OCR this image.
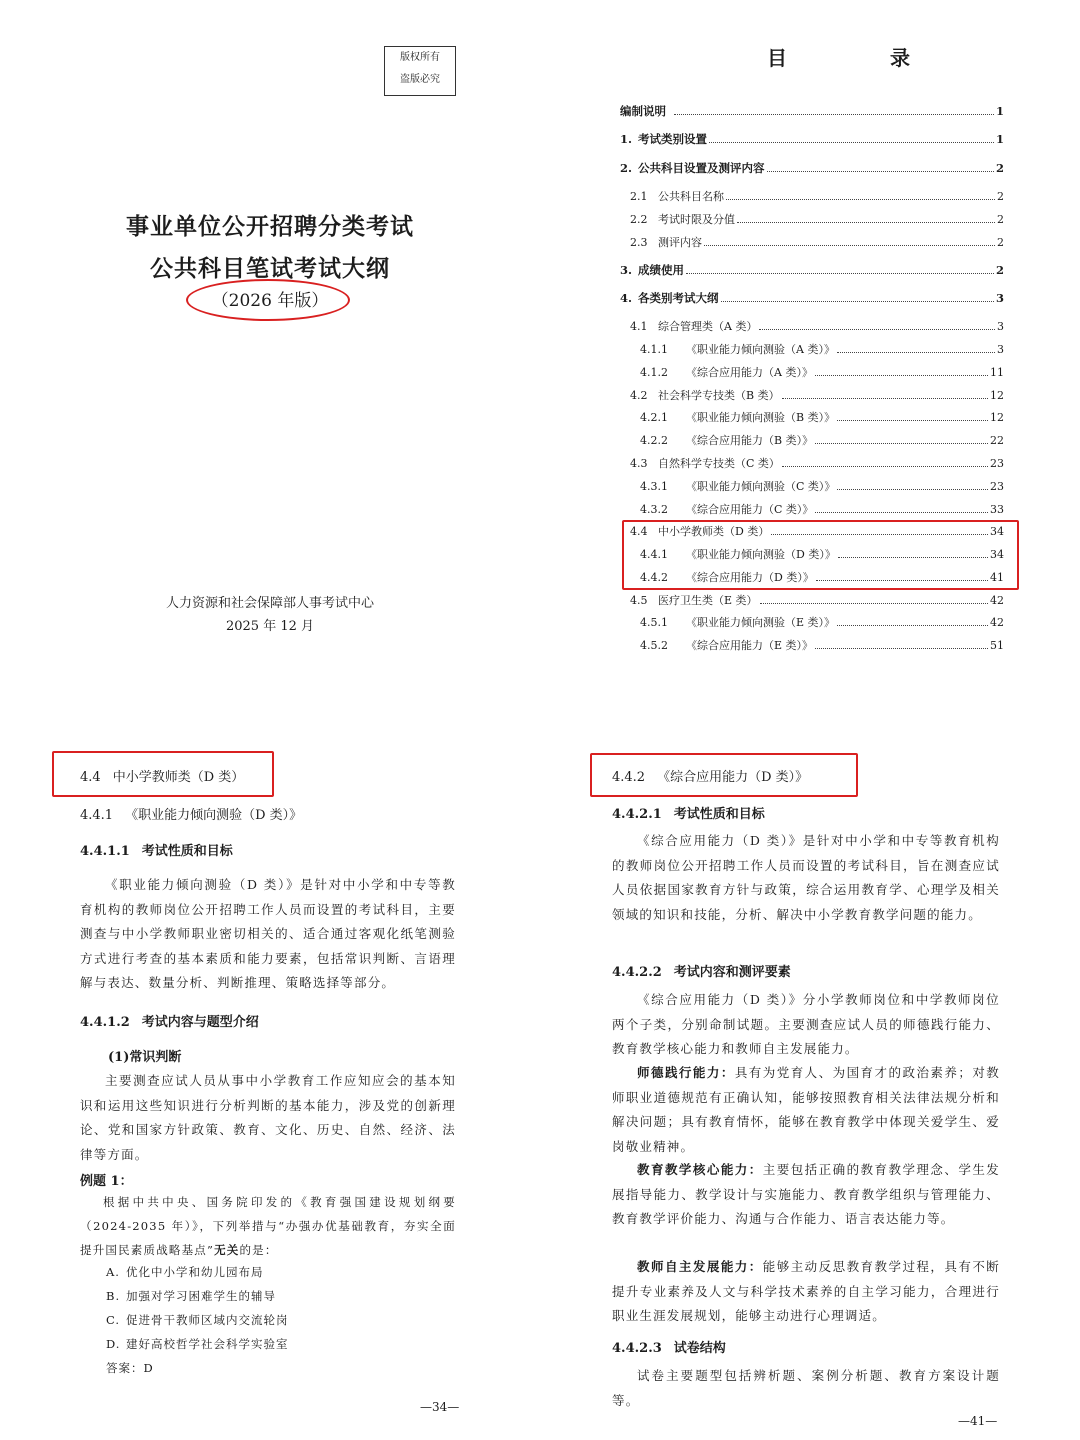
版权所有
盗版必究
事业单位公开招聘分类考试
公共科目笔试考试大纲
（2026 年版）
人力资源和社会保障部人事考试中心
2025 年 12 月
目 录
编制说明	1
1. 考试类别设置	1
2. 公共科目设置及测评内容	2
2.1 公共科目名称	2
2.2 考试时限及分值	2
2.3 测评内容	2
3. 成绩使用	2
4. 各类别考试大纲	3
4.1 综合管理类（A 类）	3
4.1.1	《职业能力倾向测验（A 类）》	3
4.1.2	《综合应用能力（A 类）》	11
4.2 社会科学专技类（B 类）	12
4.2.1	《职业能力倾向测验（B 类）》	12
4.2.2	《综合应用能力（B 类）》	22
4.3 自然科学专技类（C 类）	23
4.3.1	《职业能力倾向测验（C 类）》	23
4.3.2	《综合应用能力（C 类）》	33
4.4 中小学教师类（D 类）	34
4.4.1	《职业能力倾向测验（D 类）》	34
4.4.2	《综合应用能力（D 类）》	41
4.5 医疗卫生类（E 类）	42
4.5.1	《职业能力倾向测验（E 类）》	42
4.5.2	《综合应用能力（E 类）》	51
4.4 中小学教师类（D 类）
4.4.1 《职业能力倾向测验（D 类）》
4.4.1.1 考试性质和目标
《职业能力倾向测验（D 类）》是针对中小学和中专等教育机构的教师岗位公开招聘工作人员而设置的考试科目，主要测查与中小学教师职业密切相关的、适合通过客观化纸笔测验方式进行考查的基本素质和能力要素，包括常识判断、言语理解与表达、数量分析、判断推理、策略选择等部分。
4.4.1.2 考试内容与题型介绍
(1)常识判断
主要测查应试人员从事中小学教育工作应知应会的基本知识和运用这些知识进行分析判断的基本能力，涉及党的创新理论、党和国家方针政策、教育、文化、历史、自然、经济、法律等方面。
例题 1：
根据中共中央、国务院印发的《教育强国建设规划纲要（2024-2035 年）》，下列举措与“办强办优基础教育，夯实全面提升国民素质战略基点”无关的是：
A. 优化中小学和幼儿园布局
B. 加强对学习困难学生的辅导
C. 促进骨干教师区域内交流轮岗
D. 建好高校哲学社会科学实验室
答案：D
—34—
4.4.2 《综合应用能力（D 类）》
4.4.2.1 考试性质和目标
《综合应用能力（D 类）》是针对中小学和中专等教育机构的教师岗位公开招聘工作人员而设置的考试科目，旨在测查应试人员依据国家教育方针与政策，综合运用教育学、心理学及相关领域的知识和技能，分析、解决中小学教育教学问题的能力。
4.4.2.2 考试内容和测评要素
《综合应用能力（D 类）》分小学教师岗位和中学教师岗位两个子类，分别命制试题。主要测查应试人员的师德践行能力、教育教学核心能力和教师自主发展能力。
师德践行能力：具有为党育人、为国育才的政治素养；对教师职业道德规范有正确认知，能够按照教育相关法律法规分析和解决问题；具有教育情怀，能够在教育教学中体现关爱学生、爱岗敬业精神。
教育教学核心能力：主要包括正确的教育教学理念、学生发展指导能力、教学设计与实施能力、教育教学组织与管理能力、教育教学评价能力、沟通与合作能力、语言表达能力等。
教师自主发展能力：能够主动反思教育教学过程，具有不断提升专业素养及人文与科学技术素养的自主学习能力，合理进行职业生涯发展规划，能够主动进行心理调适。
4.4.2.3 试卷结构
试卷主要题型包括辨析题、案例分析题、教育方案设计题等。
—41—
